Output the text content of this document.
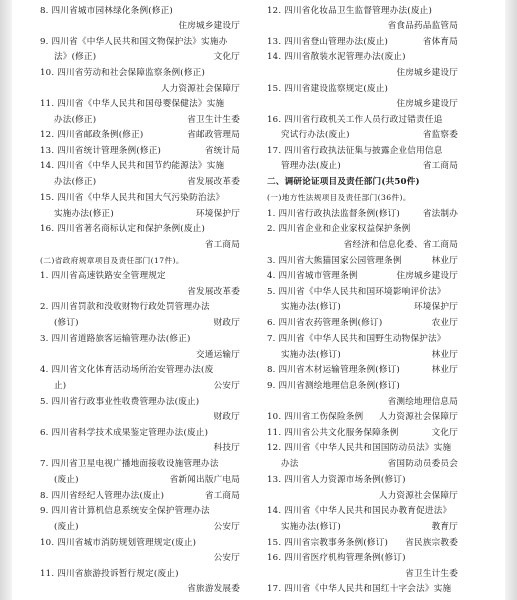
8. 四川省城市园林绿化条例(修正)
住房城乡建设厅
9. 四川省《中华人民共和国文物保护法》实施办
法》(修正)	文化厅
10. 四川省劳动和社会保障监察条例(修正)
人力资源社会保障厅
11. 四川省《中华人民共和国母婴保健法》实施
办法(修正)	省卫生计生委
12. 四川省邮政条例(修正)	省邮政管理局
13. 四川省统计管理条例(修正)	省统计局
14. 四川省《中华人民共和国节约能源法》实施
办法(修正)	省发展改革委
15. 四川省《中华人民共和国大气污染防治法》
实施办法(修正)	环境保护厅
16. 四川省著名商标认定和保护条例(废止)
省工商局
(二)省政府规章项目及责任部门(17件)。
1. 四川省高速铁路安全管理规定
省发展改革委
2. 四川省罚款和没收财物行政处罚管理办法
(修订)	财政厅
3. 四川省道路旅客运输管理办法(修正)
交通运输厅
4. 四川省文化体育活动场所治安管理办法(废
止)	公安厅
5. 四川省行政事业性收费管理办法(废止)
财政厅
6. 四川省科学技术成果鉴定管理办法(废止)
科技厅
7. 四川省卫星电视广播地面接收设施管理办法
(废止)	省新闻出版广电局
8. 四川省经纪人管理办法(废止)	省工商局
9. 四川省计算机信息系统安全保护管理办法
(废止)	公安厅
10. 四川省城市消防规划管理规定(废止)
公安厅
11. 四川省旅游投诉暂行规定(废止)
省旅游发展委
12. 四川省化妆品卫生监督管理办法(废止)
省食品药品监管局
13. 四川省登山管理办法(废止)	省体育局
14. 四川省散装水泥管理办法(废止)
住房城乡建设厅
15. 四川省建设监察规定(废止)
住房城乡建设厅
16. 四川省行政机关工作人员行政过错责任追
究试行办法(废止)	省监察委
17. 四川省行政执法征集与披露企业信用信息
管理办法(废止)	省工商局
二、调研论证项目及责任部门(共50件)
(一)地方性法规项目及责任部门(36件)。
1. 四川省行政执法监督条例(修订)	省法制办
2. 四川省企业和企业家权益保护条例
省经济和信息化委、省工商局
3. 四川省大熊猫国家公园管理条例	林业厅
4. 四川省城市管理条例	住房城乡建设厅
5. 四川省《中华人民共和国环境影响评价法》
实施办法(修订)	环境保护厅
6. 四川省农药管理条例(修订)	农业厅
7. 四川省《中华人民共和国野生动物保护法》
实施办法(修订)	林业厅
8. 四川省木材运输管理条例(修订)	林业厅
9. 四川省测绘地理信息条例(修订)
省测绘地理信息局
10. 四川省工伤保险条例 人力资源社会保障厅
11. 四川省公共文化服务保障条例	文化厅
12. 四川省《中华人民共和国国防动员法》实施
办法	省国防动员委员会
13. 四川省人力资源市场条例(修订)
人力资源社会保障厅
14. 四川省《中华人民共和国民办教育促进法》
实施办法(修订)	教育厅
15. 四川省宗教事务条例(修订) 省民族宗教委
16. 四川省医疗机构管理条例(修订)
省卫生计生委
17. 四川省《中华人民共和国红十字会法》实施
